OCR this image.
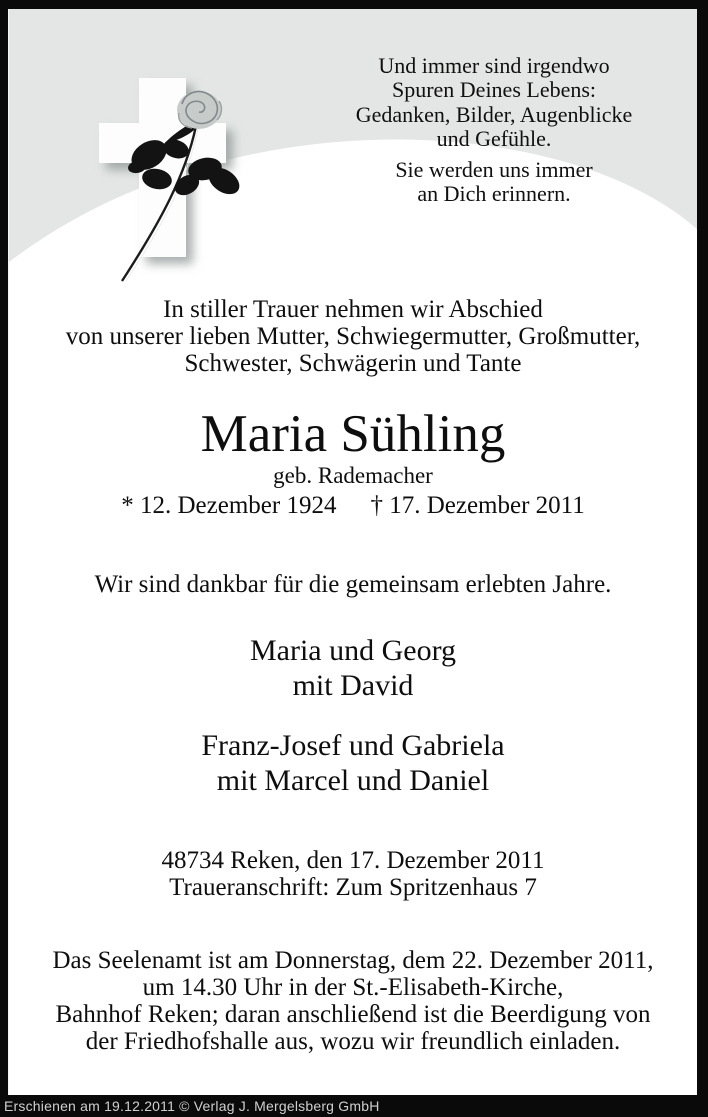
Und immer sind irgendwo
Spuren Deines Lebens:
Gedanken, Bilder, Augenblicke
und Gefühle.
Sie werden uns immer
an Dich erinnern.
In stiller Trauer nehmen wir Abschied
von unserer lieben Mutter, Schwiegermutter, Großmutter,
Schwester, Schwägerin und Tante
Maria Sühling
geb. Rademacher
* 12. Dezember 1924 † 17. Dezember 2011
Wir sind dankbar für die gemeinsam erlebten Jahre.
Maria und Georg
mit David
Franz-Josef und Gabriela
mit Marcel und Daniel
48734 Reken, den 17. Dezember 2011
Traueranschrift: Zum Spritzenhaus 7
Das Seelenamt ist am Donnerstag, dem 22. Dezember 2011,
um 14.30 Uhr in der St.-Elisabeth-Kirche,
Bahnhof Reken; daran anschließend ist die Beerdigung von
der Friedhofshalle aus, wozu wir freundlich einladen.
Erschienen am 19.12.2011 © Verlag J. Mergelsberg GmbH
